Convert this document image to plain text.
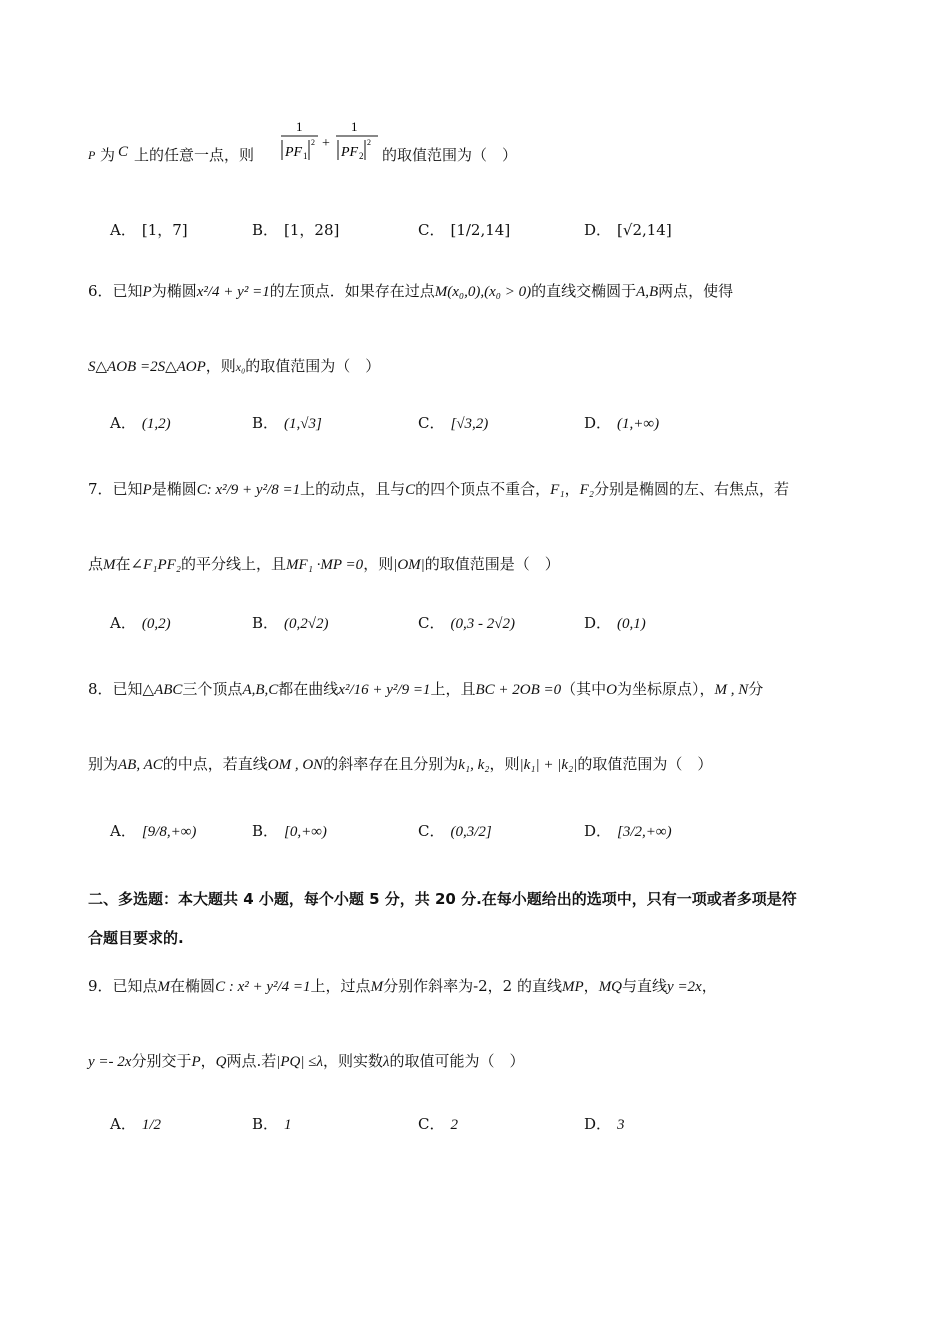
P 为 C 上的任意一点，则
1
PF 1
2 +
1
PF 2
2
的取值范围为（　）
A． [1，7]	B． [1，28]	C． [1/2,14]	D． [√2,14]
6．已知P为椭圆x²/4 + y² =1的左顶点．如果存在过点M(x₀,0),(x₀ > 0)的直线交椭圆于A,B两点，使得
S△AOB =2S△AOP，则x₀的取值范围为（　）
A． (1,2)	B． (1,√3]	C． [√3,2)	D． (1,+∞)
7．已知P是椭圆C: x²/9 + y²/8 =1上的动点，且与C的四个顶点不重合，F₁，F₂分别是椭圆的左、右焦点，若
点M在∠F₁PF₂的平分线上，且MF₁ ·MP =0，则|OM|的取值范围是（　）
A． (0,2)	B． (0,2√2)	C． (0,3 - 2√2)	D． (0,1)
8．已知△ABC三个顶点A,B,C都在曲线x²/16 + y²/9 =1上，且BC + 2OB =0（其中O为坐标原点），M , N分
别为AB, AC的中点，若直线OM , ON的斜率存在且分别为k₁, k₂，则|k₁| + |k₂|的取值范围为（　）
A． [9/8,+∞)	B． [0,+∞)	C． (0,3/2]	D． [3/2,+∞)
二、多选题：本大题共 4 小题，每个小题 5 分，共 20 分.在每小题给出的选项中，只有一项或者多项是符
合题目要求的.
9．已知点M在椭圆C : x² + y²/4 =1上，过点M分别作斜率为-2，2 的直线MP，MQ与直线y =2x，
y =- 2x分别交于P，Q两点.若|PQ| ≤λ，则实数λ的取值可能为（　）
A． 1/2	B． 1	C． 2	D． 3
